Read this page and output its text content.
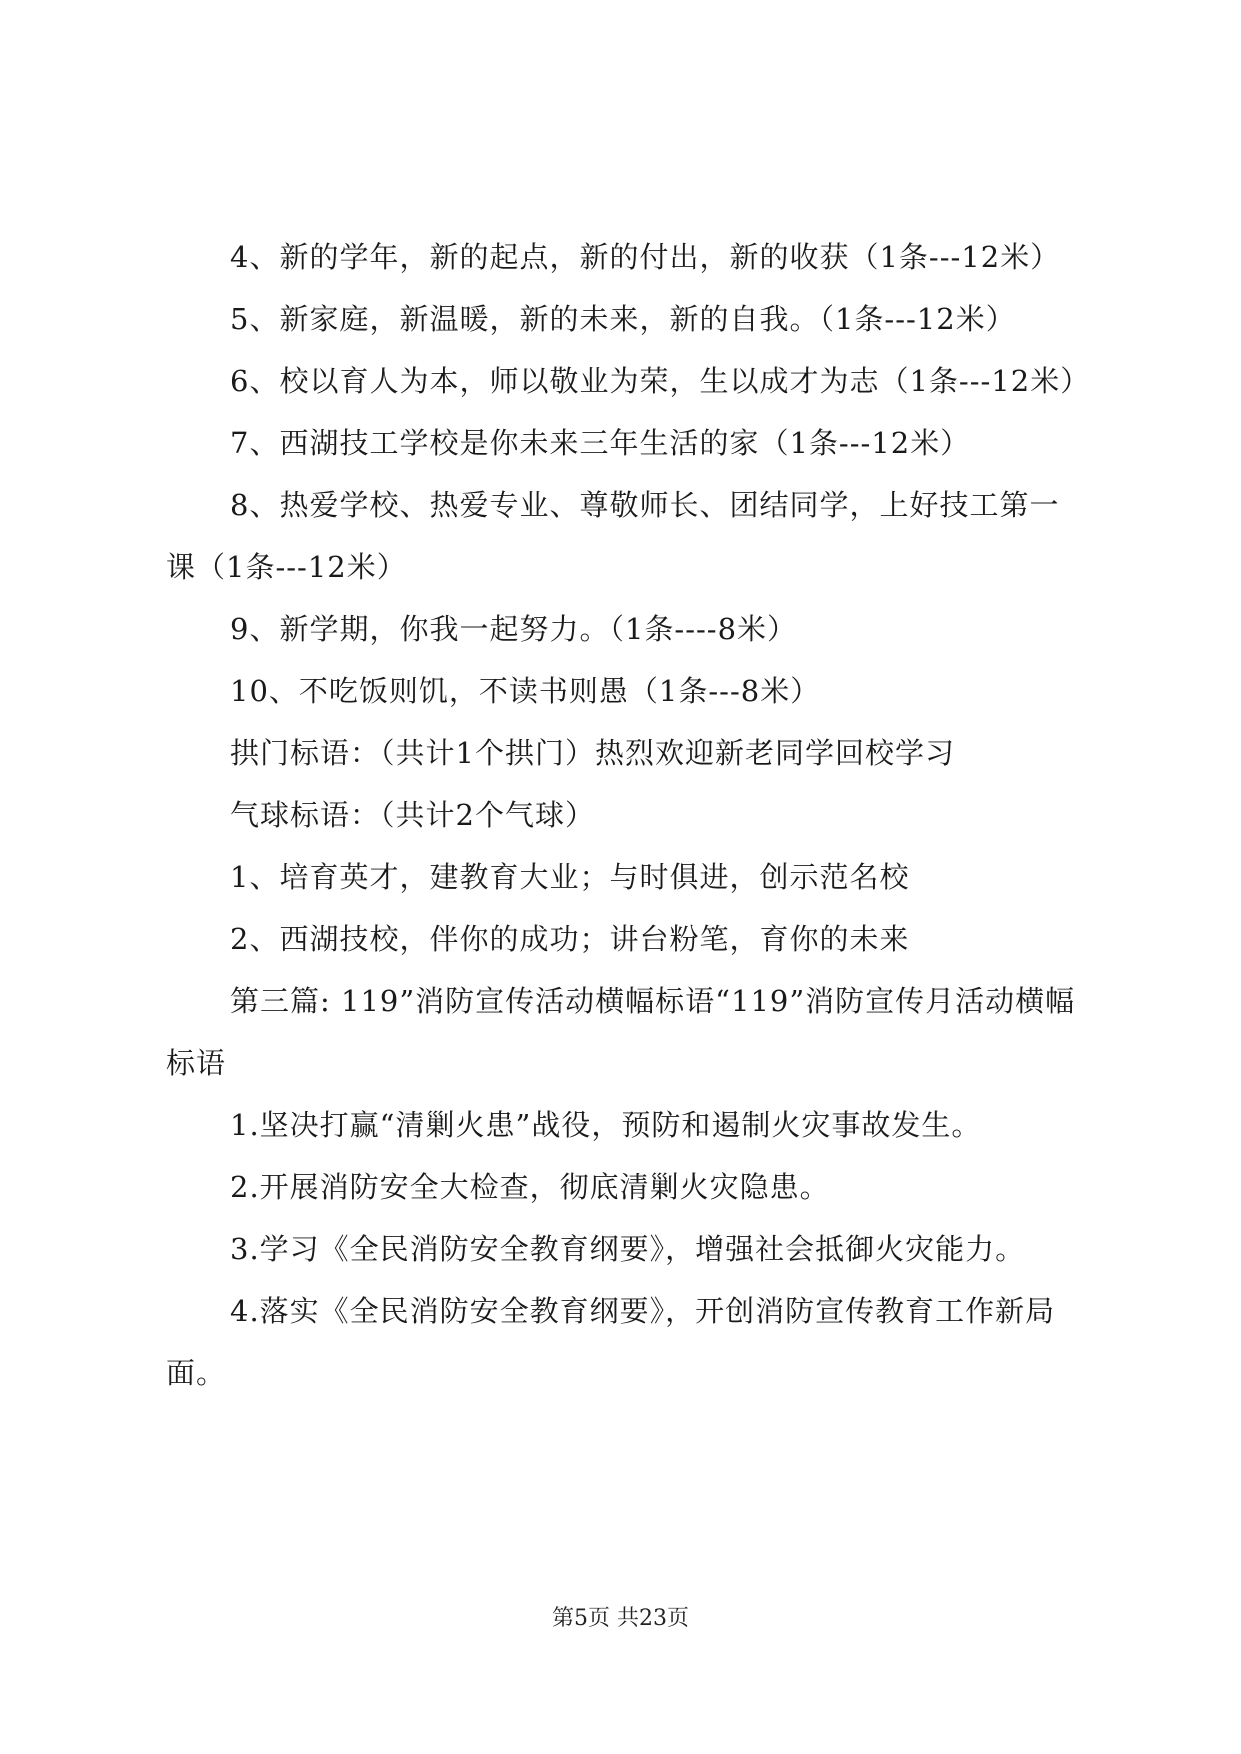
4、新的学年，新的起点，新的付出，新的收获（1条---12米）

5、新家庭，新温暖，新的未来，新的自我。（1条---12米）

6、校以育人为本，师以敬业为荣，生以成才为志（1条---12米）

7、西湖技工学校是你未来三年生活的家（1条---12米）

8、热爱学校、热爱专业、尊敬师长、团结同学，上好技工第一课（1条---12米）

9、新学期，你我一起努力。（1条----8米）

10、不吃饭则饥，不读书则愚（1条---8米）

拱门标语：（共计1个拱门）热烈欢迎新老同学回校学习

气球标语：（共计2个气球）

1、培育英才，建教育大业；与时俱进，创示范名校

2、西湖技校，伴你的成功；讲台粉笔，育你的未来

第三篇: 119”消防宣传活动横幅标语“119”消防宣传月活动横幅标语

1.坚决打赢“清剿火患”战役，预防和遏制火灾事故发生。

2.开展消防安全大检查，彻底清剿火灾隐患。

3.学习《全民消防安全教育纲要》，增强社会抵御火灾能力。

4.落实《全民消防安全教育纲要》，开创消防宣传教育工作新局面。

第5页 共23页
